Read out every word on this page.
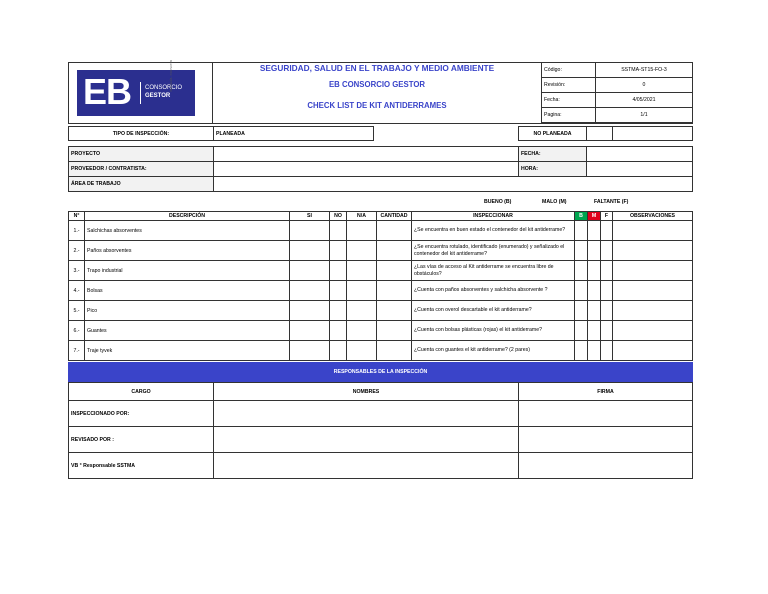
EB CONSORCIO
GESTOR
INGENIERÍA · PROYECTOS	SEGURIDAD, SALUD EN EL TRABAJO Y MEDIO AMBIENTE
EB CONSORCIO GESTOR
CHECK LIST DE KIT ANTIDERRAMES
Código:	SSTMA-ST15-FO-3
Revisión:	0
Fecha:	4/05/2021
Pagina:	1/1
TIPO DE INSPECCIÓN:	PLANEADA		NO PLANEADA		
PROYECTO		FECHA:	
PROVEEDOR / CONTRATISTA:		HORA:	
ÁREA DE TRABAJO			
BUENO (B)	MALO (M)	FALTANTE (F)
N°	DESCRIPCIÓN	SI	NO	N/A	CANTIDAD	INSPECCIONAR	B	M	F	OBSERVACIONES
1.-	Salchichas absorventes					¿Se encuentra en buen estado el contenedor del kit antiderrame?				
2.-	Paños absorventes					¿Se encuentra rotulado, identificado (enumerado) y señalizado el contenedor del kit antiderrame?				
3.-	Trapo industrial					¿Las vías de acceso al Kit antiderrame se encuentra libre de obstáculos?				
4.-	Bolsas					¿Cuenta con paños absorventes y salchicha absorvente ?				
5.-	Pico					¿Cuenta con overol descartable el kit antiderrame?				
6.-	Guantes					¿Cuenta con bolsas plásticas (rojas) el kit antiderrame?				
7.-	Traje tyvek					¿Cuenta con guantes el kit antiderrame? (2 pares)				
RESPONSABLES DE LA INSPECCIÓN
CARGO	NOMBRES	FIRMA
INSPECCIONADO POR:		
REVISADO POR :		
VB ° Responsable SSTMA		
